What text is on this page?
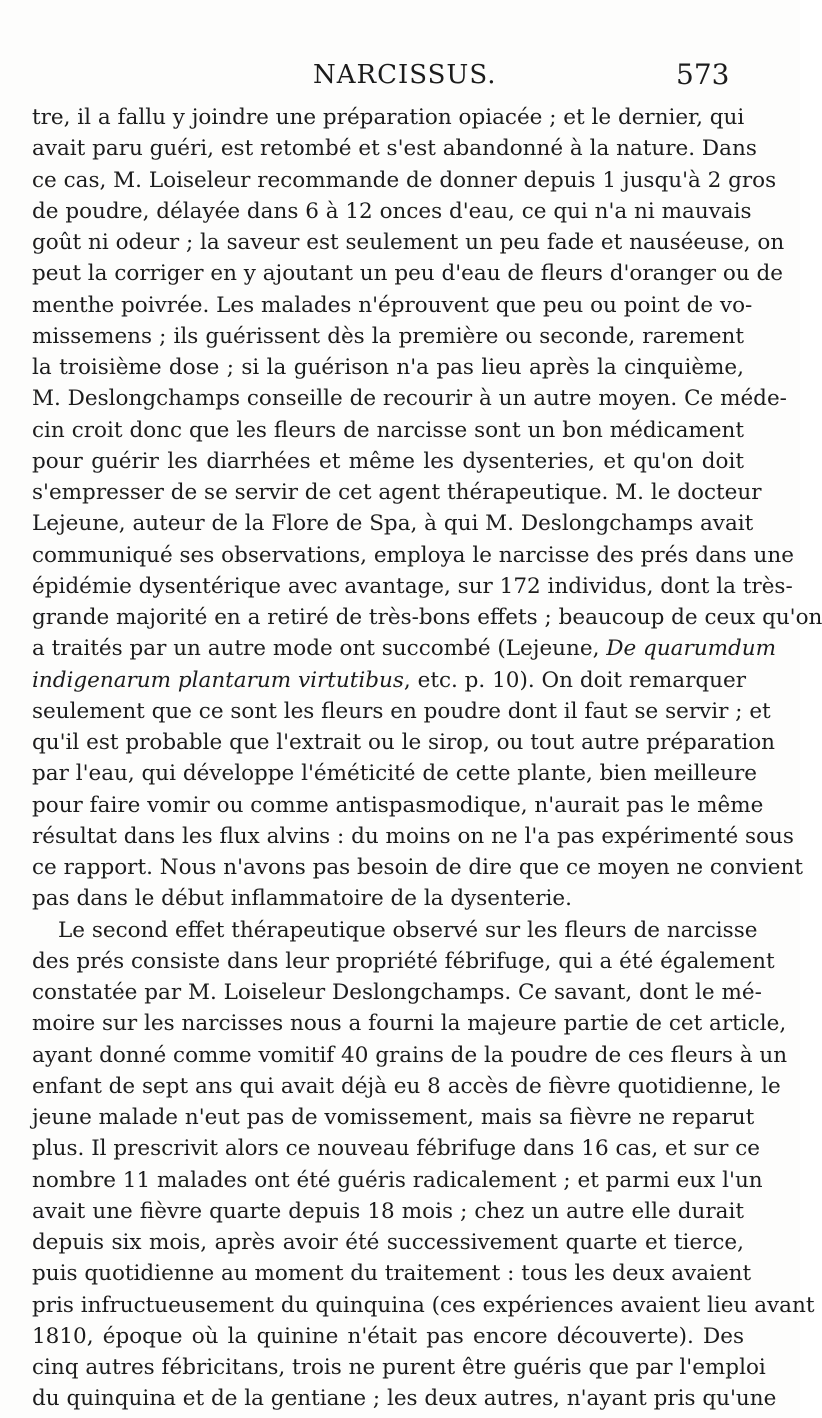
NARCISSUS.	573
tre, il a fallu y joindre une préparation opiacée ; et le dernier, qui
avait paru guéri, est retombé et s'est abandonné à la nature. Dans
ce cas, M. Loiseleur recommande de donner depuis 1 jusqu'à 2 gros
de poudre, délayée dans 6 à 12 onces d'eau, ce qui n'a ni mauvais
goût ni odeur ; la saveur est seulement un peu fade et nauséeuse, on
peut la corriger en y ajoutant un peu d'eau de fleurs d'oranger ou de
menthe poivrée. Les malades n'éprouvent que peu ou point de vo-
missemens ; ils guérissent dès la première ou seconde, rarement
la troisième dose ; si la guérison n'a pas lieu après la cinquième,
M. Deslongchamps conseille de recourir à un autre moyen. Ce méde-
cin croit donc que les fleurs de narcisse sont un bon médicament
pour guérir les diarrhées et même les dysenteries, et qu'on doit
s'empresser de se servir de cet agent thérapeutique. M. le docteur
Lejeune, auteur de la Flore de Spa, à qui M. Deslongchamps avait
communiqué ses observations, employa le narcisse des prés dans une
épidémie dysentérique avec avantage, sur 172 individus, dont la très-
grande majorité en a retiré de très-bons effets ; beaucoup de ceux qu'on
a traités par un autre mode ont succombé (Lejeune, De quarumdum
indigenarum plantarum virtutibus, etc. p. 10). On doit remarquer
seulement que ce sont les fleurs en poudre dont il faut se servir ; et
qu'il est probable que l'extrait ou le sirop, ou tout autre préparation
par l'eau, qui développe l'éméticité de cette plante, bien meilleure
pour faire vomir ou comme antispasmodique, n'aurait pas le même
résultat dans les flux alvins : du moins on ne l'a pas expérimenté sous
ce rapport. Nous n'avons pas besoin de dire que ce moyen ne convient
pas dans le début inflammatoire de la dysenterie.
Le second effet thérapeutique observé sur les fleurs de narcisse
des prés consiste dans leur propriété fébrifuge, qui a été également
constatée par M. Loiseleur Deslongchamps. Ce savant, dont le mé-
moire sur les narcisses nous a fourni la majeure partie de cet article,
ayant donné comme vomitif 40 grains de la poudre de ces fleurs à un
enfant de sept ans qui avait déjà eu 8 accès de fièvre quotidienne, le
jeune malade n'eut pas de vomissement, mais sa fièvre ne reparut
plus. Il prescrivit alors ce nouveau fébrifuge dans 16 cas, et sur ce
nombre 11 malades ont été guéris radicalement ; et parmi eux l'un
avait une fièvre quarte depuis 18 mois ; chez un autre elle durait
depuis six mois, après avoir été successivement quarte et tierce,
puis quotidienne au moment du traitement : tous les deux avaient
pris infructueusement du quinquina (ces expériences avaient lieu avant
1810, époque où la quinine n'était pas encore découverte). Des
cinq autres fébricitans, trois ne purent être guéris que par l'emploi
du quinquina et de la gentiane ; les deux autres, n'ayant pris qu'une
